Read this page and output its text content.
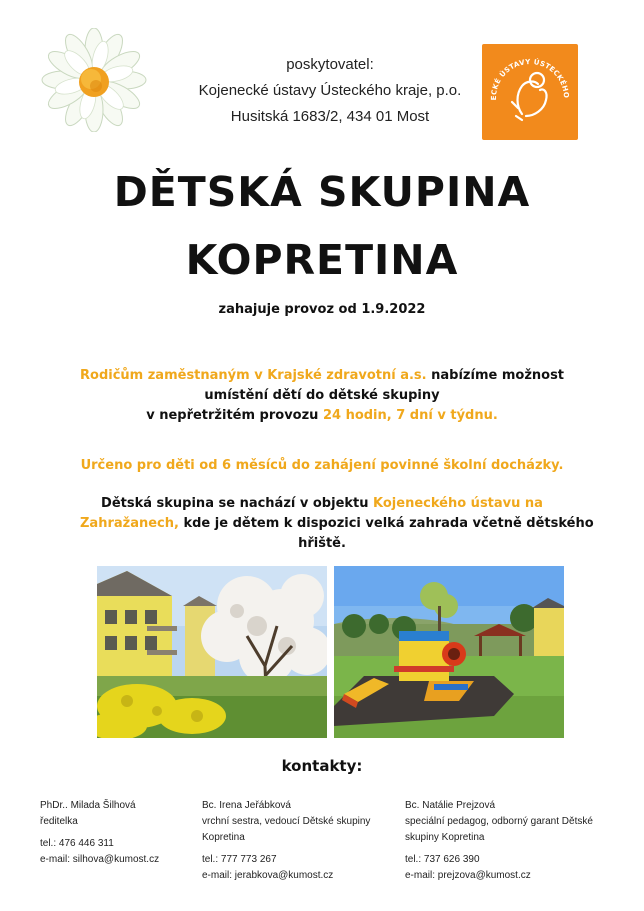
poskytovatel:
Kojenecké ústavy Ústeckého kraje, p.o.
Husitská 1683/2, 434 01 Most
ECKÉ ÚSTAVY ÚSTECKÉHO
DĚTSKÁ SKUPINA
KOPRETINA
zahajuje provoz od 1.9.2022
Rodičům zaměstnaným v Krajské zdravotní a.s. nabízíme možnost
umístění dětí do dětské skupiny
v nepřetržitém provozu 24 hodin, 7 dní v týdnu.
Určeno pro děti od 6 měsíců do zahájení povinné školní docházky.
Dětská skupina se nachází v objektu Kojeneckého ústavu na
Zahražanech, kde je dětem k dispozici velká zahrada včetně dětského
hřiště.
kontakty:
PhDr.. Milada Šilhová
ředitelka
tel.: 476 446 311
e-mail: silhova@kumost.cz
Bc. Irena Jeřábková
vrchní sestra, vedoucí Dětské skupiny
Kopretina
tel.: 777 773 267
e-mail: jerabkova@kumost.cz
Bc. Natálie Prejzová
speciální pedagog, odborný garant Dětské
skupiny Kopretina
tel.: 737 626 390
e-mail: prejzova@kumost.cz
